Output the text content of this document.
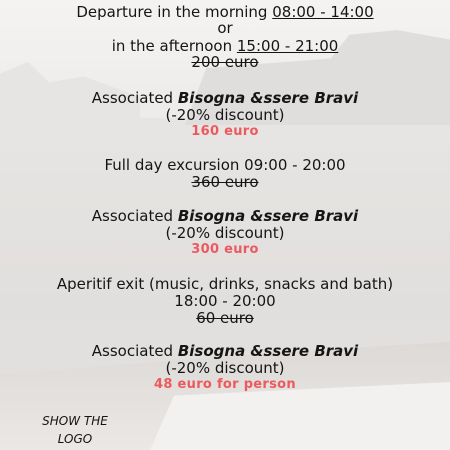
Departure in the morning 08:00 - 14:00
or
in the afternoon 15:00 - 21:00
200 euro
Associated Bisogna &ssere Bravi
(-20% discount)
160 euro
Full day excursion 09:00 - 20:00
360 euro
Associated Bisogna &ssere Bravi
(-20% discount)
300 euro
Aperitif exit (music, drinks, snacks and bath)
18:00 - 20:00
60 euro
Associated Bisogna &ssere Bravi
(-20% discount)
48 euro for person
SHOW THE
LOGO
